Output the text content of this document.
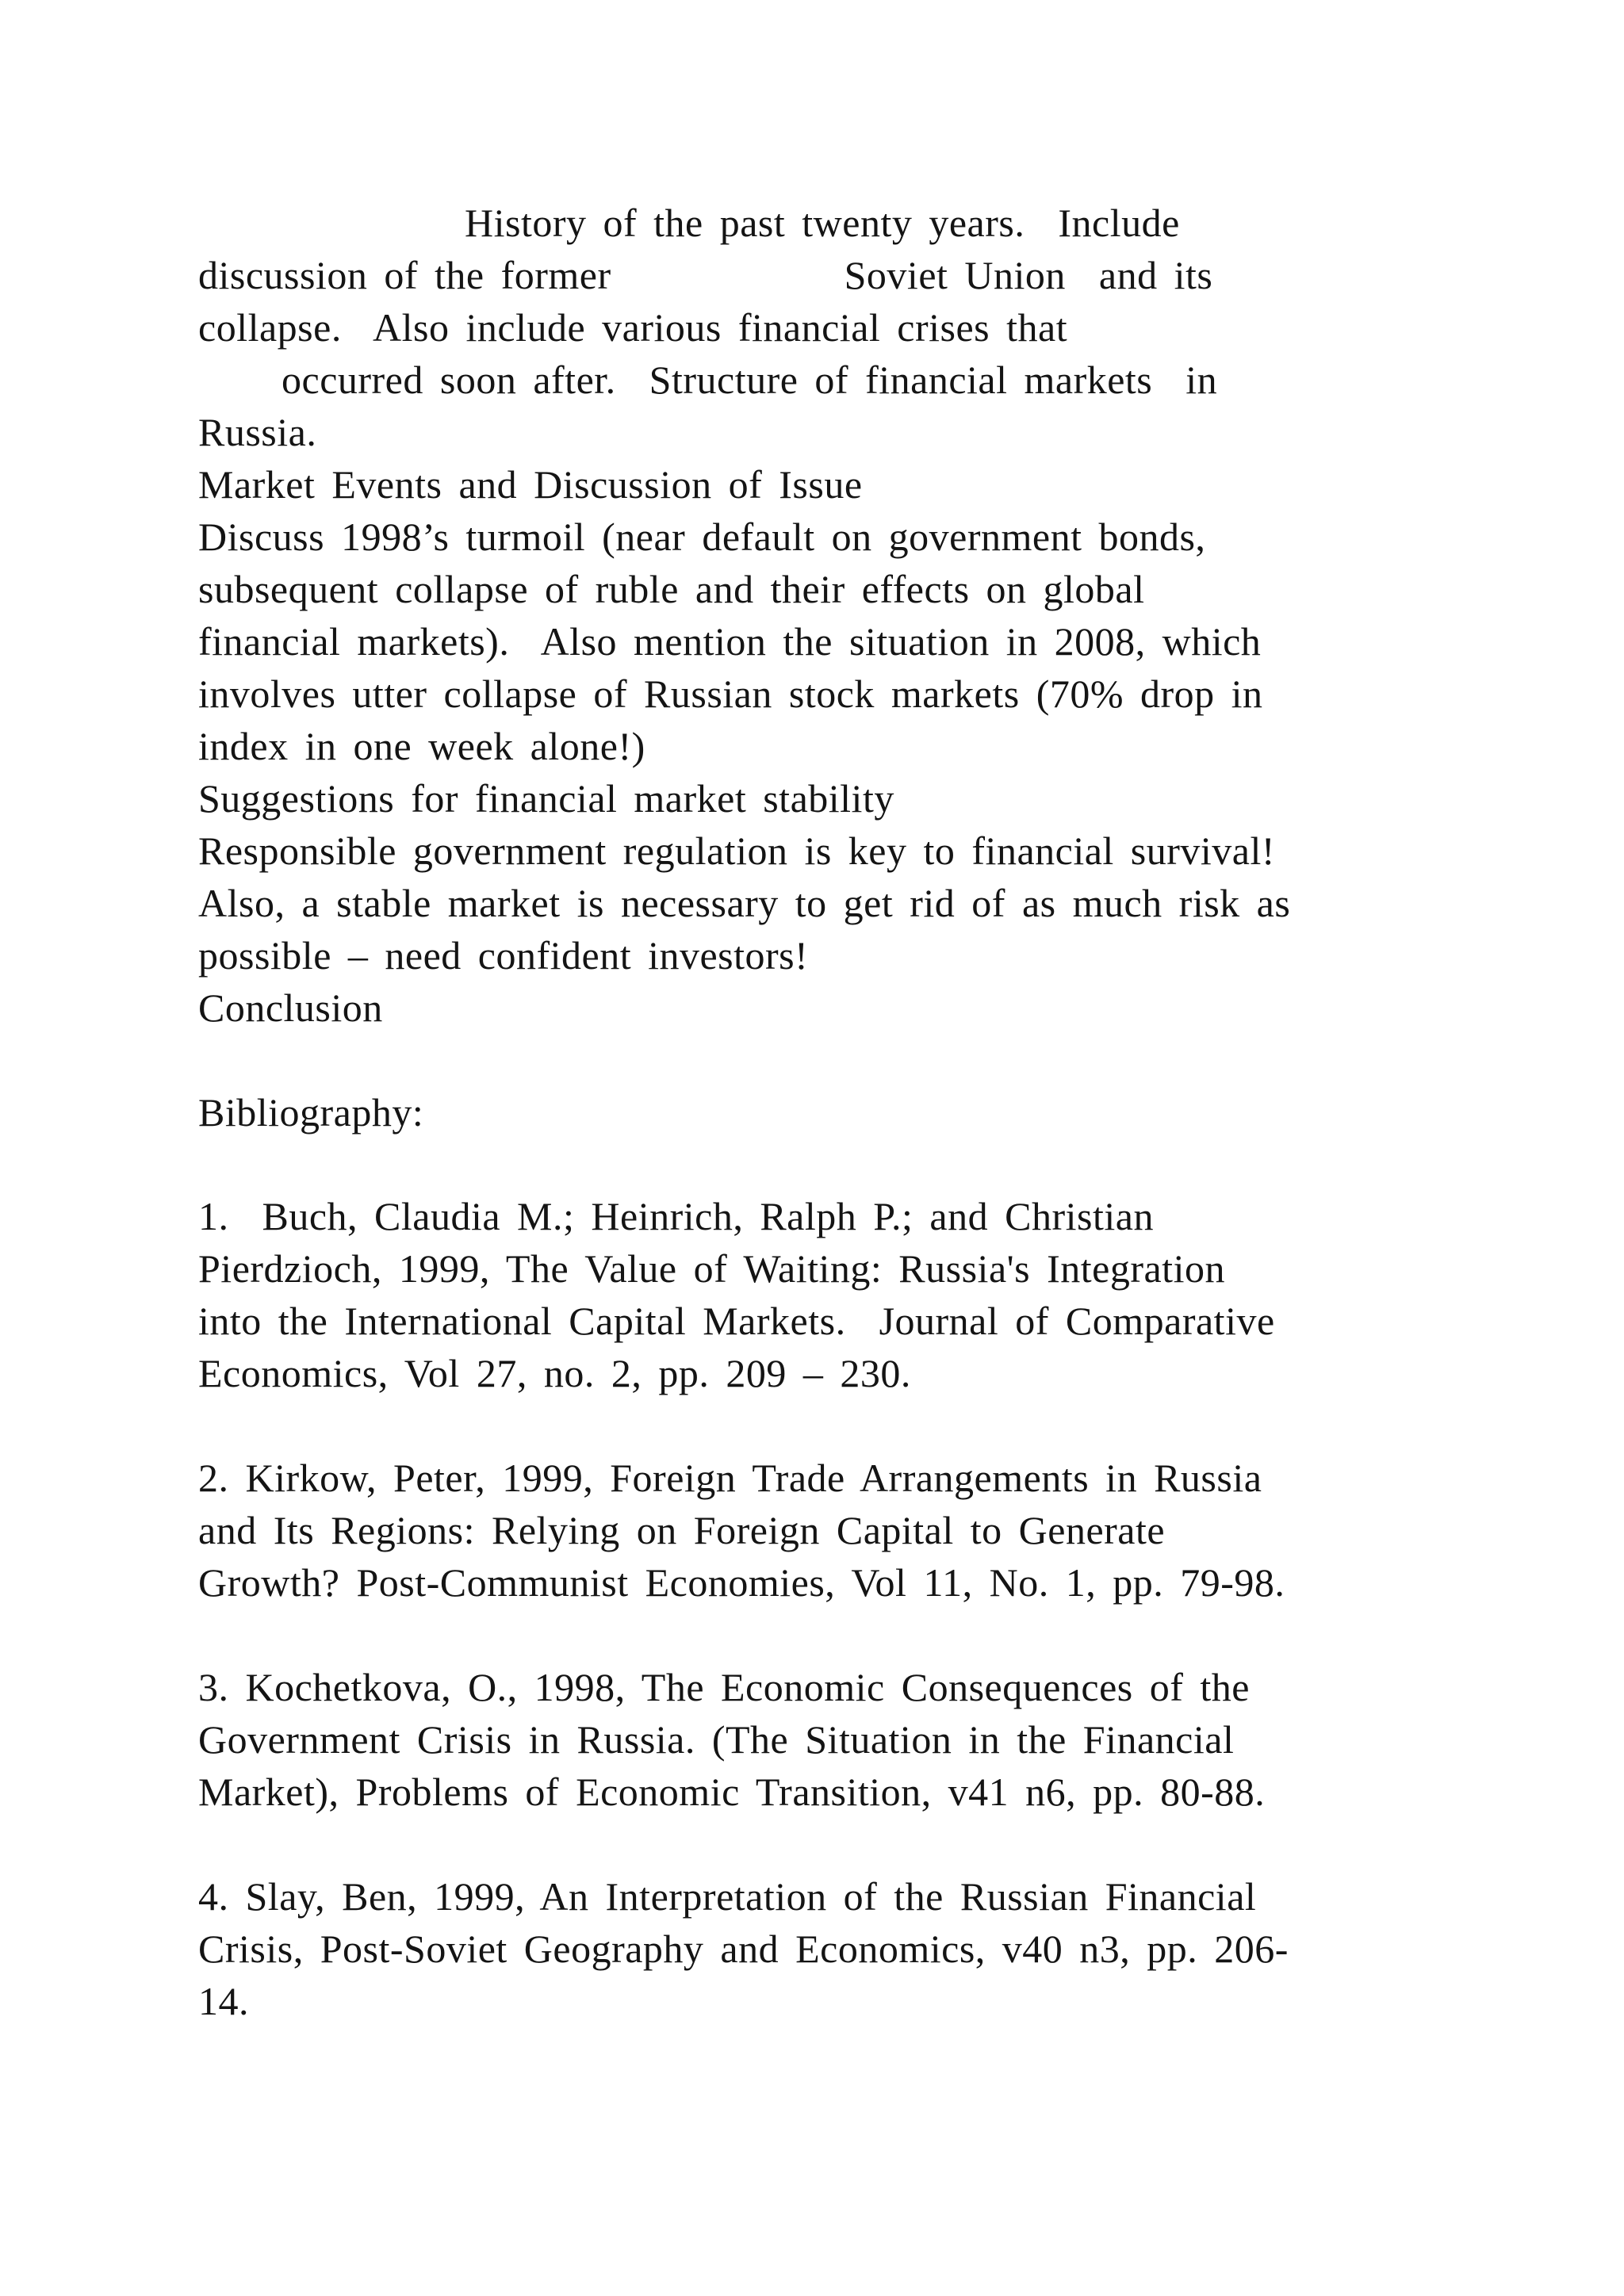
History of the past twenty years.  Include
discussion of the former              Soviet Union  and its
collapse.  Also include various financial crises that
occurred soon after.  Structure of financial markets  in
Russia.
Market Events and Discussion of Issue
Discuss 1998’s turmoil (near default on government bonds,
subsequent collapse of ruble and their effects on global
financial markets).  Also mention the situation in 2008, which
involves utter collapse of Russian stock markets (70% drop in
index in one week alone!)
Suggestions for financial market stability
Responsible government regulation is key to financial survival!
Also, a stable market is necessary to get rid of as much risk as
possible – need confident investors!
Conclusion
Bibliography:
1.  Buch, Claudia M.; Heinrich, Ralph P.; and Christian
Pierdzioch, 1999, The Value of Waiting: Russia's Integration
into the International Capital Markets.  Journal of Comparative
Economics, Vol 27, no. 2, pp. 209 – 230.
2. Kirkow, Peter, 1999, Foreign Trade Arrangements in Russia
and Its Regions: Relying on Foreign Capital to Generate
Growth? Post-Communist Economies, Vol 11, No. 1, pp. 79-98.
3. Kochetkova, O., 1998, The Economic Consequences of the
Government Crisis in Russia. (The Situation in the Financial
Market), Problems of Economic Transition, v41 n6, pp. 80-88.
4. Slay, Ben, 1999, An Interpretation of the Russian Financial
Crisis, Post-Soviet Geography and Economics, v40 n3, pp. 206-
14.
